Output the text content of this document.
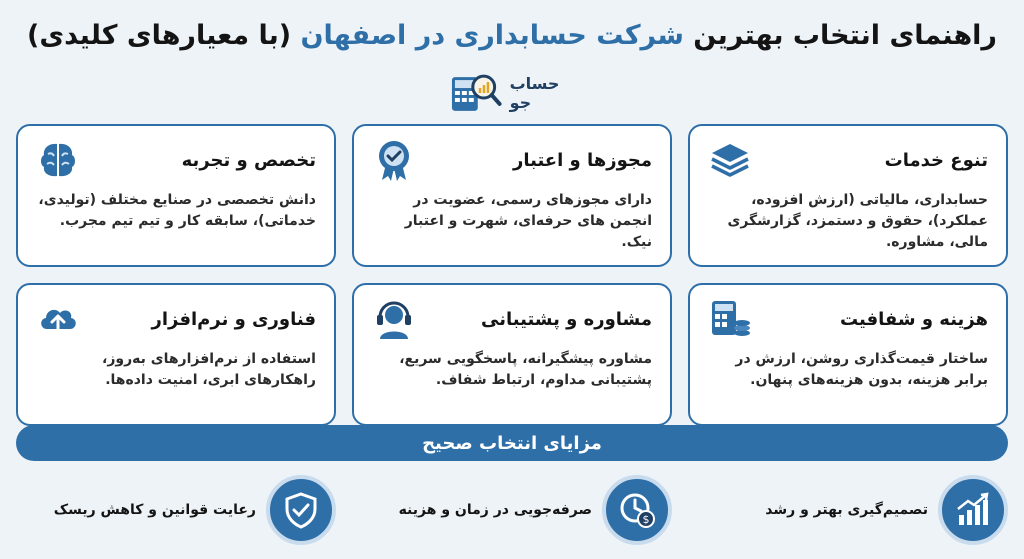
راهنمای انتخاب بهترین شرکت حسابداری در اصفهان (با معیارهای کلیدی)
حساب جو
تنوع خدمات
حسابداری، مالیاتی (ارزش افزوده، عملکرد)، حقوق و دستمزد، گزارشگری مالی، مشاوره.
مجوزها و اعتبار
دارای مجوزهای رسمی، عضویت در انجمن های حرفه‌ای، شهرت و اعتبار نیک.
تخصص و تجربه
دانش تخصصی در صنایع مختلف (تولیدی، خدماتی)، سابقه کار و تیم تیم مجرب.
هزینه و شفافیت
ساختار قیمت‌گذاری روشن، ارزش در برابر هزینه، بدون هزینه‌های پنهان.
مشاوره و پشتیبانی
مشاوره پیشگیرانه، پاسخگویی سریع، پشتیبانی مداوم، ارتباط شفاف.
فناوری و نرم‌افزار
استفاده از نرم‌افزارهای به‌روز، راهکارهای ابری، امنیت داده‌ها.
مزایای انتخاب صحیح
تصمیم‌گیری بهتر و رشد
$
صرفه‌جویی در زمان و هزینه
رعایت قوانین و کاهش ریسک
